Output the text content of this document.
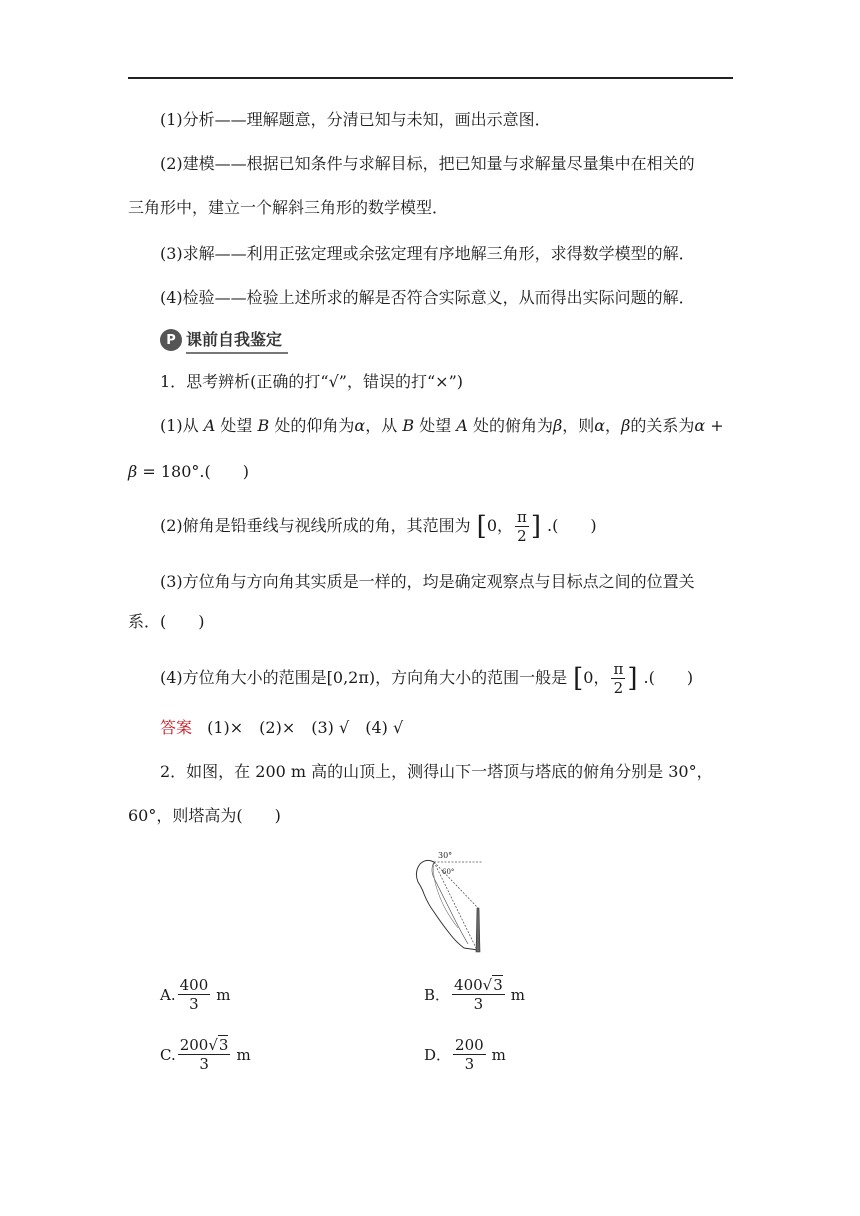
(1)分析——理解题意，分清已知与未知，画出示意图．
(2)建模——根据已知条件与求解目标，把已知量与求解量尽量集中在相关的
三角形中，建立一个解斜三角形的数学模型．
(3)求解——利用正弦定理或余弦定理有序地解三角形，求得数学模型的解．
(4)检验——检验上述所求的解是否符合实际意义，从而得出实际问题的解．
P 课前自我鉴定
1．思考辨析(正确的打“√”，错误的打“×”)
(1)从 A 处望 B 处的仰角为α，从 B 处望 A 处的俯角为β，则α，β的关系为α +
β = 180°.(　　)
(2)俯角是铅垂线与视线所成的角，其范围为 [0， $\frac{\pi}{2}$ ] .(　　)
(3)方位角与方向角其实质是一样的，均是确定观察点与目标点之间的位置关
系．(　　)
(4)方位角大小的范围是[0,2π)，方向角大小的范围一般是 [0， $\frac{\pi}{2}$ ] .(　　)
答案 (1)×　(2)×　(3) √　(4) √
2．如图，在 200 m 高的山顶上，测得山下一塔顶与塔底的俯角分别是 30°，
60°，则塔高为(　　)
30°
60°
A. $\frac{400}{3}$ m	B． $\frac{400√3}{3}$ m
C. $\frac{200√3}{3}$ m	D． $\frac{200}{3}$ m
